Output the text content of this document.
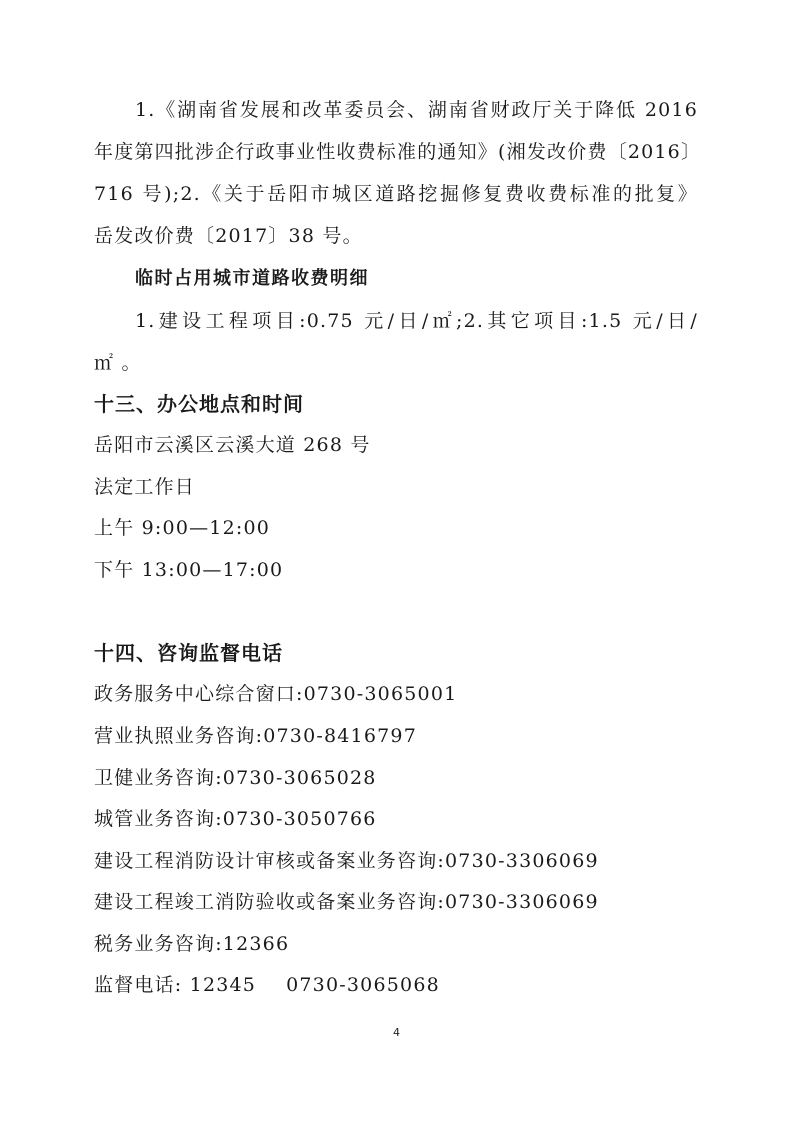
1.《湖南省发展和改革委员会、湖南省财政厅关于降低 2016
年度第四批涉企行政事业性收费标准的通知》(湘发改价费〔2016〕
716 号);2.《关于岳阳市城区道路挖掘修复费收费标准的批复》
岳发改价费〔2017〕38 号。
临时占用城市道路收费明细
1.建设工程项目:0.75 元/日/㎡;2.其它项目:1.5 元/日/
㎡ 。
十三、办公地点和时间
岳阳市云溪区云溪大道 268 号
法定工作日
上午 9:00—12:00
下午 13:00—17:00
十四、咨询监督电话
政务服务中心综合窗口:0730-3065001
营业执照业务咨询:0730-8416797
卫健业务咨询:0730-3065028
城管业务咨询:0730-3050766
建设工程消防设计审核或备案业务咨询:0730-3306069
建设工程竣工消防验收或备案业务咨询:0730-3306069
税务业务咨询:12366
监督电话: 12345 0730-3065068
4
